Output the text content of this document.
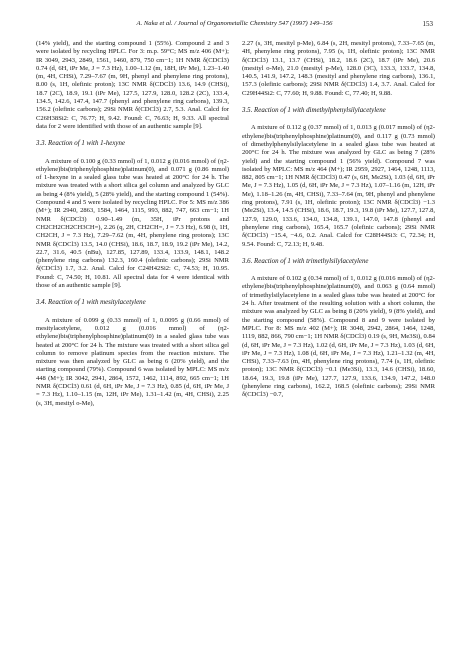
A. Naka et al. / Journal of Organometallic Chemistry 547 (1997) 149–156	153

(14% yield), and the starting compound 1 (55%). Compound 2 and 3 were isolated by recycling HPLC. For 3: m.p. 59°C; MS m/z 406 (M+); IR 3049, 2943, 2849, 1561, 1460, 879, 750 cm−1; 1H NMR δ(CDCl3) 0.74 (d, 6H, iPr Me, J = 7.3 Hz), 1.00–1.12 (m, 18H, iPr Me), 1.23–1.40 (m, 4H, CHSi), 7.29–7.67 (m, 9H, phenyl and phenylene ring protons), 8.00 (s, 1H, olefinic proton); 13C NMR δ(CDCl3) 13.6, 14.9 (CHSi), 18.7 (2C), 18.9, 19.1 (iPr Me), 127.5, 127.9, 128.0, 128.2 (2C), 133.4, 134.5, 142.6, 147.4, 147.7 (phenyl and phenylene ring carbons), 139.3, 156.2 (olefinic carbons); 29Si NMR δ(CDCl3) 2.7, 5.3. Anal. Calcd for C26H38Si2: C, 76.77; H, 9.42. Found: C, 76.63; H, 9.33. All spectral data for 2 were identified with those of an authentic sample [9].

3.3. Reaction of 1 with 1-hexyne

A mixture of 0.100 g (0.33 mmol) of 1, 0.012 g (0.016 mmol) of (η2-ethylene)bis(triphenylphosphine)platinum(0), and 0.071 g (0.86 mmol) of 1-hexyne in a sealed glass tube was heated at 200°C for 24 h. The mixture was treated with a short silica gel column and analyzed by GLC as being 4 (8% yield), 5 (28% yield), and the starting compound 1 (54%). Compound 4 and 5 were isolated by recycling HPLC. For 5: MS m/z 386 (M+); IR 2940, 2863, 1584, 1464, 1115, 993, 882, 747, 663 cm−1; 1H NMR δ(CDCl3) 0.90–1.49 (m, 35H, iPr protons and CH2CH2CH2CH3CH=), 2.26 (q, 2H, CH2CH=, J = 7.3 Hz), 6.98 (t, 1H, CH2CH, J = 7.3 Hz), 7.29–7.62 (m, 4H, phenylene ring protons); 13C NMR δ(CDCl3) 13.5, 14.0 (CHSi), 18.6, 18.7, 18.9, 19.2 (iPr Me), 14.2, 22.7, 31.6, 40.5 (nBu), 127.85, 127.89, 133.4, 133.9, 148.1, 148.2 (phenylene ring carbons) 132.3, 160.4 (olefinic carbons); 29Si NMR δ(CDCl3) 1.7, 3.2. Anal. Calcd for C24H42Si2: C, 74.53; H, 10.95. Found: C, 74.50; H, 10.81. All spectral data for 4 were identical with those of an authentic sample [9].

3.4. Reaction of 1 with mesitylacetylene

A mixture of 0.099 g (0.33 mmol) of 1, 0.0095 g (0.66 mmol) of mesitylacetylene, 0.012 g (0.016 mmol) of (η2-ethylene)bis(triphenylphosphine)platinum(0) in a sealed glass tube was heated at 200°C for 24 h. The mixture was treated with a short silica gel column to remove platinum species from the reaction mixture. The mixture was then analyzed by GLC as being 6 (20% yield), and the starting compound (79%). Compound 6 was isolated by MPLC: MS m/z 448 (M+); IR 3042, 2941, 2864, 1572, 1462, 1114, 892, 665 cm−1; 1H NMR δ(CDCl3) 0.61 (d, 6H, iPr Me, J = 7.3 Hz), 0.85 (d, 6H, iPr Me, J = 7.3 Hz), 1.10–1.15 (m, 12H, iPr Me), 1.31–1.42 (m, 4H, CHSi), 2.25 (s, 3H, mesityl o-Me),

2.27 (s, 3H, mesityl p-Me), 6.84 (s, 2H, mesityl protons), 7.33–7.65 (m, 4H, phenylene ring protons), 7.95 (s, 1H, olefinic proton); 13C NMR δ(CDCl3) 13.1, 13.7 (CHSi), 18.2, 18.6 (2C), 18.7 (iPr Me), 20.6 (mesityl o-Me), 21.0 (mesityl p-Me), 128.0 (3C), 133.3, 133.7, 134.8, 140.5, 141.9, 147.2, 148.3 (mesityl and phenylene ring carbons), 136.1, 157.3 (olefinic carbons); 29Si NMR δ(CDCl3) 1.4, 3.7. Anal. Calcd for C29H44Si2: C, 77.60; H, 9.88. Found: C, 77.40; H, 9.88.

3.5. Reaction of 1 with dimethylphenylsilylacetylene

A mixture of 0.112 g (0.37 mmol) of 1, 0.013 g (0.017 mmol) of (η2-ethylene)bis(triphenylphosphine)platinum(0), and 0.117 g (0.73 mmol) of dimethylphenylsilylacetylene in a sealed glass tube was heated at 200°C for 24 h. The mixture was analyzed by GLC as being 7 (28% yield) and the starting compound 1 (56% yield). Compound 7 was isolated by MPLC: MS m/z 464 (M+); IR 2959, 2927, 1464, 1248, 1113, 882, 805 cm−1; 1H NMR δ(CDCl3) 0.47 (s, 6H, Me2Si), 1.03 (d, 6H, iPr Me, J = 7.3 Hz), 1.05 (d, 6H, iPr Me, J = 7.3 Hz), 1.07–1.16 (m, 12H, iPr Me), 1.18–1.26 (m, 4H, CHSi), 7.33–7.64 (m, 9H, phenyl and phenylene ring protons), 7.91 (s, 1H, olefinic proton); 13C NMR δ(CDCl3) −1.3 (Me2Si), 13.4, 14.5 (CHSi), 18.6, 18.7, 19.3, 19.8 (iPr Me), 127.7, 127.8, 127.9, 129.0, 133.6, 134.0, 134.8, 139.1, 147.0, 147.8 (phenyl and phenylene ring carbons), 165.4, 165.7 (olefinic carbons); 29Si NMR δ(CDCl3) −15.4, −4.6, 0.2. Anal. Calcd for C28H44Si3: C, 72.34; H, 9.54. Found: C, 72.13; H, 9.48.

3.6. Reaction of 1 with trimethylsilylacetylene

A mixture of 0.102 g (0.34 mmol) of 1, 0.012 g (0.016 mmol) of (η2-ethylene)bis(triphenylphosphine)platinum(0), and 0.063 g (0.64 mmol) of trimethylsilylacetylene in a sealed glass tube was heated at 200°C for 24 h. After treatment of the resulting solution with a short column, the mixture was analyzed by GLC as being 8 (20% yield), 9 (8% yield), and the starting compound (58%). Compound 8 and 9 were isolated by MPLC. For 8: MS m/z 402 (M+); IR 3048, 2942, 2864, 1464, 1248, 1119, 882, 866, 790 cm−1; 1H NMR δ(CDCl3) 0.19 (s, 9H, Me3Si), 0.84 (d, 6H, iPr Me, J = 7.3 Hz), 1.02 (d, 6H, iPr Me, J = 7.3 Hz), 1.03 (d, 6H, iPr Me, J = 7.3 Hz), 1.08 (d, 6H, iPr Me, J = 7.3 Hz), 1.21–1.32 (m, 4H, CHSi), 7.33–7.63 (m, 4H, phenylene ring protons), 7.74 (s, 1H, olefinic proton); 13C NMR δ(CDCl3) −0.1 (Me3Si), 13.3, 14.6 (CHSi), 18.60, 18.64, 19.3, 19.8 (iPr Me), 127.7, 127.9, 133.6, 134.9, 147.2, 148.0 (phenylene ring carbons), 162.2, 168.5 (olefinic carbons); 29Si NMR δ(CDCl3) −0.7,
